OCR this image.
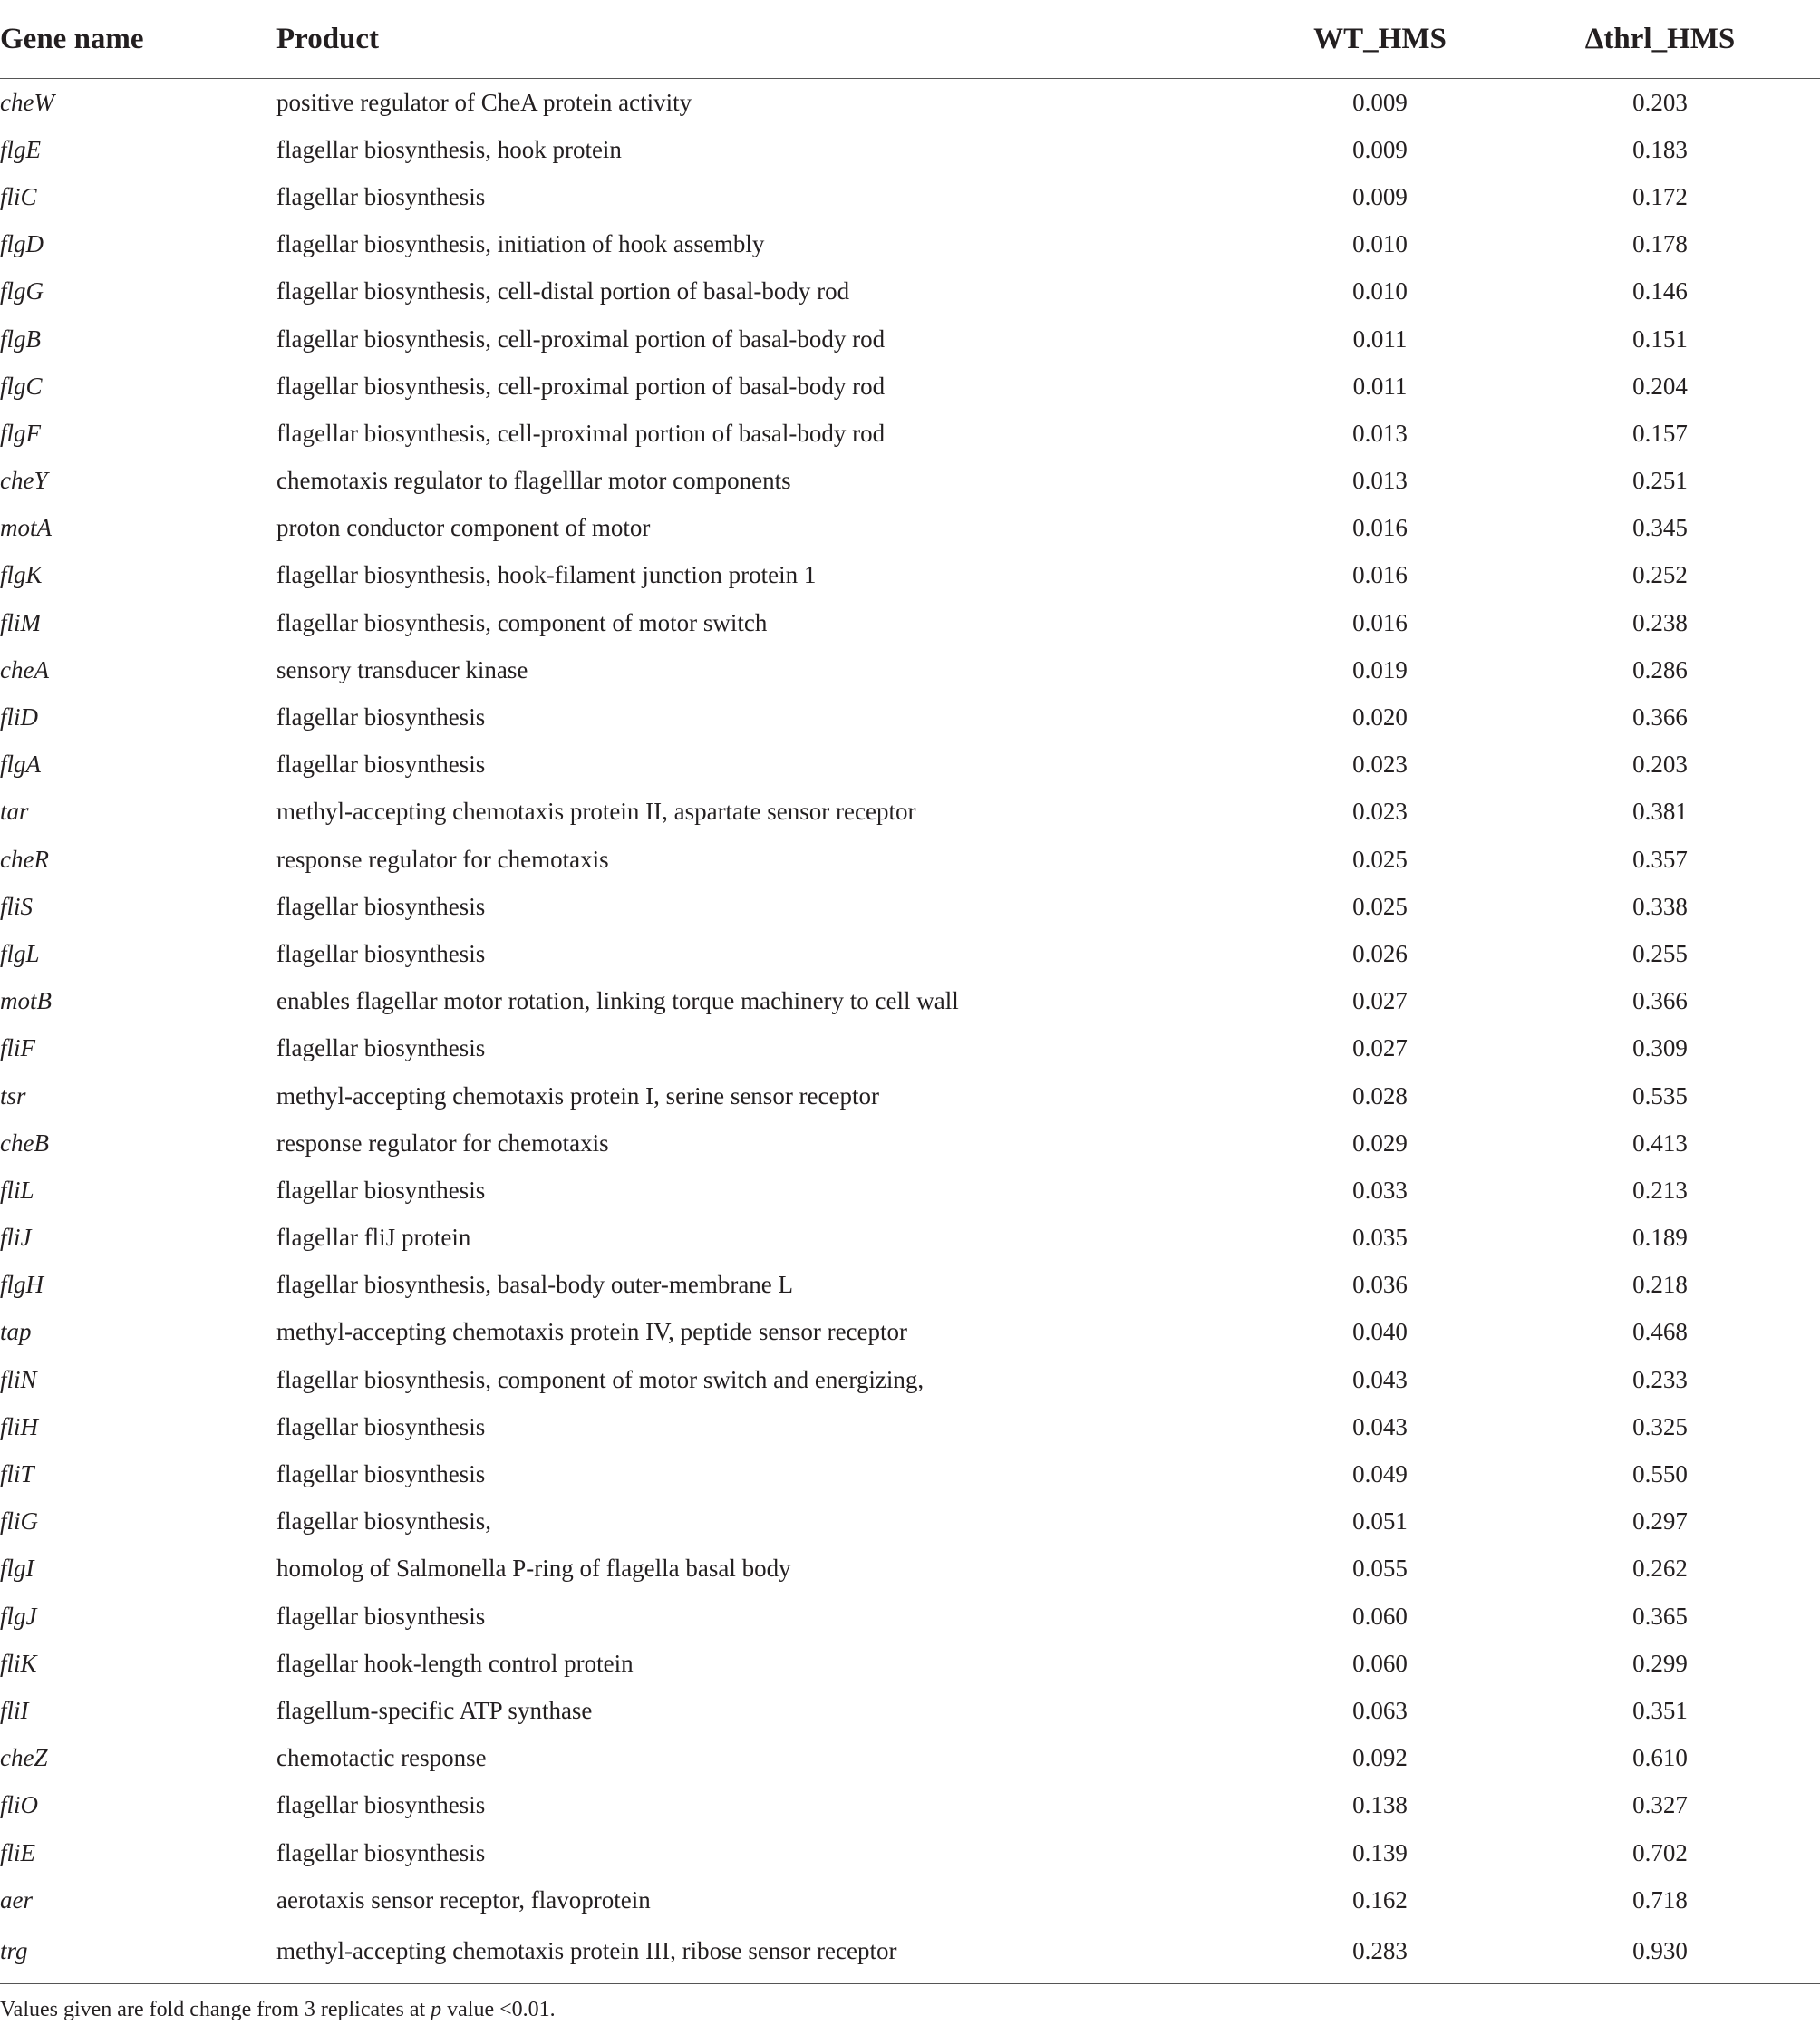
Gene name	Product	WT_HMS	Δthrl_HMS
cheW	positive regulator of CheA protein activity	0.009	0.203
flgE	flagellar biosynthesis, hook protein	0.009	0.183
fliC	flagellar biosynthesis	0.009	0.172
flgD	flagellar biosynthesis, initiation of hook assembly	0.010	0.178
flgG	flagellar biosynthesis, cell-distal portion of basal-body rod	0.010	0.146
flgB	flagellar biosynthesis, cell-proximal portion of basal-body rod	0.011	0.151
flgC	flagellar biosynthesis, cell-proximal portion of basal-body rod	0.011	0.204
flgF	flagellar biosynthesis, cell-proximal portion of basal-body rod	0.013	0.157
cheY	chemotaxis regulator to flagelllar motor components	0.013	0.251
motA	proton conductor component of motor	0.016	0.345
flgK	flagellar biosynthesis, hook-filament junction protein 1	0.016	0.252
fliM	flagellar biosynthesis, component of motor switch	0.016	0.238
cheA	sensory transducer kinase	0.019	0.286
fliD	flagellar biosynthesis	0.020	0.366
flgA	flagellar biosynthesis	0.023	0.203
tar	methyl-accepting chemotaxis protein II, aspartate sensor receptor	0.023	0.381
cheR	response regulator for chemotaxis	0.025	0.357
fliS	flagellar biosynthesis	0.025	0.338
flgL	flagellar biosynthesis	0.026	0.255
motB	enables flagellar motor rotation, linking torque machinery to cell wall	0.027	0.366
fliF	flagellar biosynthesis	0.027	0.309
tsr	methyl-accepting chemotaxis protein I, serine sensor receptor	0.028	0.535
cheB	response regulator for chemotaxis	0.029	0.413
fliL	flagellar biosynthesis	0.033	0.213
fliJ	flagellar fliJ protein	0.035	0.189
flgH	flagellar biosynthesis, basal-body outer-membrane L	0.036	0.218
tap	methyl-accepting chemotaxis protein IV, peptide sensor receptor	0.040	0.468
fliN	flagellar biosynthesis, component of motor switch and energizing,	0.043	0.233
fliH	flagellar biosynthesis	0.043	0.325
fliT	flagellar biosynthesis	0.049	0.550
fliG	flagellar biosynthesis,	0.051	0.297
flgI	homolog of Salmonella P-ring of flagella basal body	0.055	0.262
flgJ	flagellar biosynthesis	0.060	0.365
fliK	flagellar hook-length control protein	0.060	0.299
fliI	flagellum-specific ATP synthase	0.063	0.351
cheZ	chemotactic response	0.092	0.610
fliO	flagellar biosynthesis	0.138	0.327
fliE	flagellar biosynthesis	0.139	0.702
aer	aerotaxis sensor receptor, flavoprotein	0.162	0.718
trg	methyl-accepting chemotaxis protein III, ribose sensor receptor	0.283	0.930
Values given are fold change from 3 replicates at p value <0.01.
